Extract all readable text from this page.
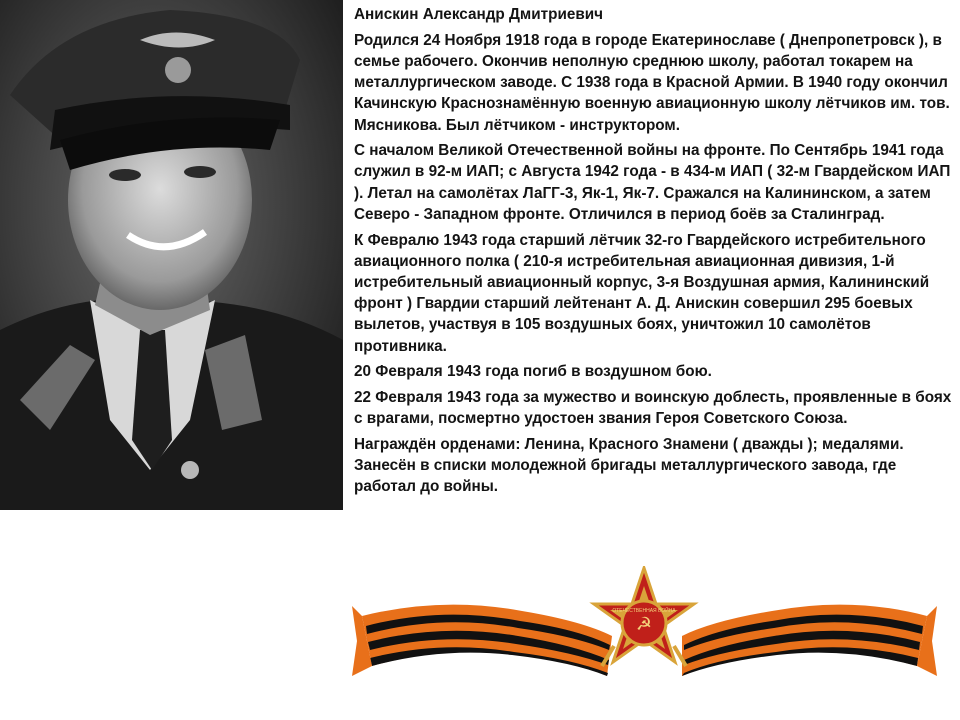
Анискин Александр Дмитриевич

Родился 24 Ноября 1918 года в городе Екатеринославе ( Днепропетровск ), в семье рабочего. Окончив неполную среднюю школу, работал токарем на металлургическом заводе. С 1938 года в Красной Армии. В 1940 году окончил Качинскую Краснознамённую военную авиационную школу лётчиков им. тов. Мясникова. Был лётчиком - инструктором.

С началом Великой Отечественной войны на фронте. По Сентябрь 1941 года служил в 92-м ИАП; с Августа 1942 года - в 434-м ИАП ( 32-м Гвардейском ИАП ). Летал на самолётах ЛаГГ-3, Як-1, Як-7. Сражался на Калининском, а затем Северо - Западном фронте. Отличился в период боёв за Сталинград.

К Февралю 1943 года старший лётчик 32-го Гвардейского истребительного авиационного полка ( 210-я истребительная авиационная дивизия, 1-й истребительный авиационный корпус, 3-я Воздушная армия, Калининский фронт ) Гвардии старший лейтенант А. Д. Анискин совершил 295 боевых вылетов, участвуя в 105 воздушных боях, уничтожил 10 самолётов противника.

20 Февраля 1943 года погиб в воздушном бою.

22 Февраля 1943 года за мужество и воинскую доблесть, проявленные в боях с врагами, посмертно удостоен звания Героя Советского Союза.

Награждён орденами: Ленина, Красного Знамени ( дважды ); медалями. Занесён в списки молодежной бригады металлургического завода, где работал до войны.

ОТЕЧЕСТВЕННАЯ ВОЙНА
☭
